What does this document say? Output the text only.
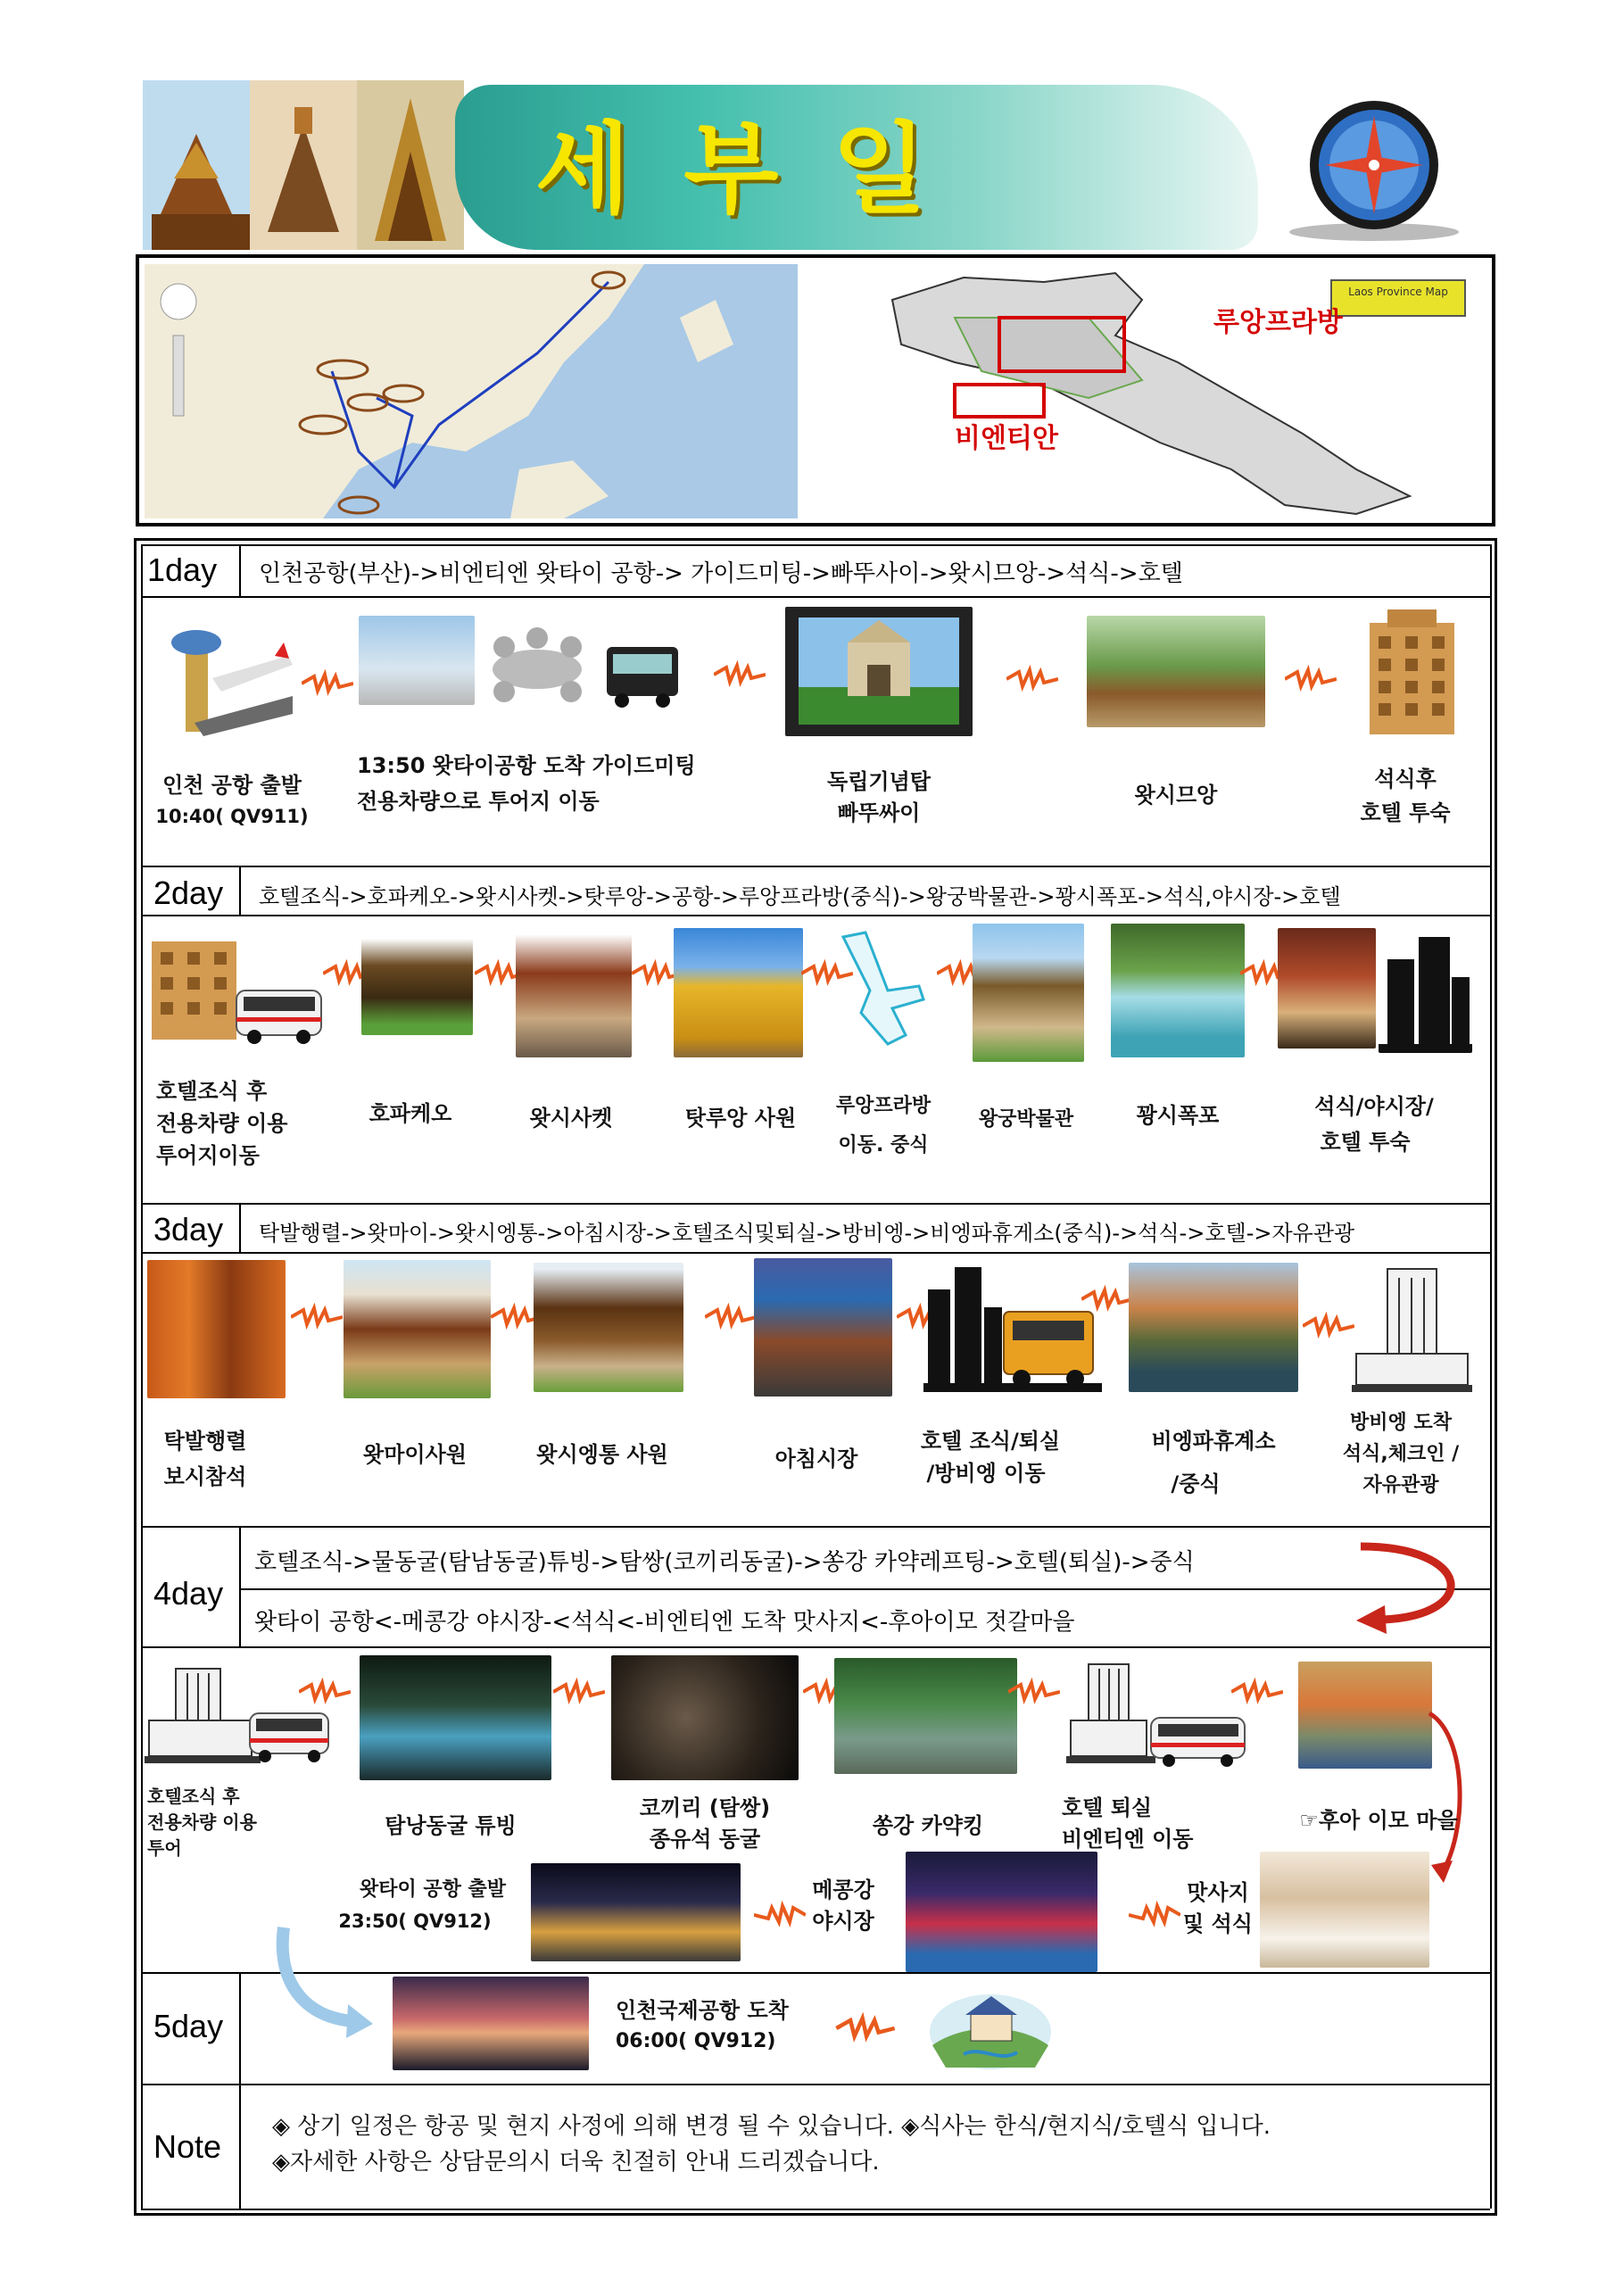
세부일
Laos Province Map
루앙프라방
비엔티안
1day 인천공항(부산)->비엔티엔 왓타이 공항-> 가이드미팅->빠뚜사이->왓시므앙->석식->호텔
인천 공항 출발
10:40( QV911)
13:50 왓타이공항 도착 가이드미팅
전용차량으로 투어지 이동
독립기념탑
빠뚜싸이
왓시므앙
석식후
호텔 투숙
2day 호텔조식->호파케오->왓시사켓->탓루앙->공항->루앙프라방(중식)->왕궁박물관->꽝시폭포->석식,야시장->호텔
호텔조식 후
전용차량 이용
투어지이동
호파케오	왓시사켓	탓루앙 사원	루앙프라방
이동. 중식
왕궁박물관	꽝시폭포	석식/야시장/
호텔 투숙
3day 탁발행렬->왓마이->왓시엥통->아침시장->호텔조식및퇴실->방비엥->비엥파휴게소(중식)->석식->호텔->자유관광
탁발행렬
보시참석
왓마이사원	왓시엥통 사원	아침시장
호텔 조식/퇴실
/방비엥 이동
비엥파휴계소
/중식
방비엥 도착
석식,체크인 /
자유관광
4day
호텔조식->물동굴(탐남동굴)튜빙->탐쌍(코끼리동굴)->쏭강 카약레프팅->호텔(퇴실)->중식
왓타이 공항<-메콩강 야시장-<석식<-비엔티엔 도착 맛사지<-후아이모 젓갈마을
호텔조식 후
전용차량 이용
투어
탐낭동굴 튜빙
코끼리 (탐쌍)
종유석 동굴
쏭강 카약킹
호텔 퇴실
비엔티엔 이동
☞후아 이모 마을
왓타이 공항 출발
23:50( QV912)
메콩강
야시장
맛사지
및 석식
5day	인천국제공항 도착
06:00( QV912)
Note
◈ 상기 일정은 항공 및 현지 사정에 의해 변경 될 수 있습니다. ◈식사는 한식/현지식/호텔식 입니다.
◈자세한 사항은 상담문의시 더욱 친절히 안내 드리겠습니다.
